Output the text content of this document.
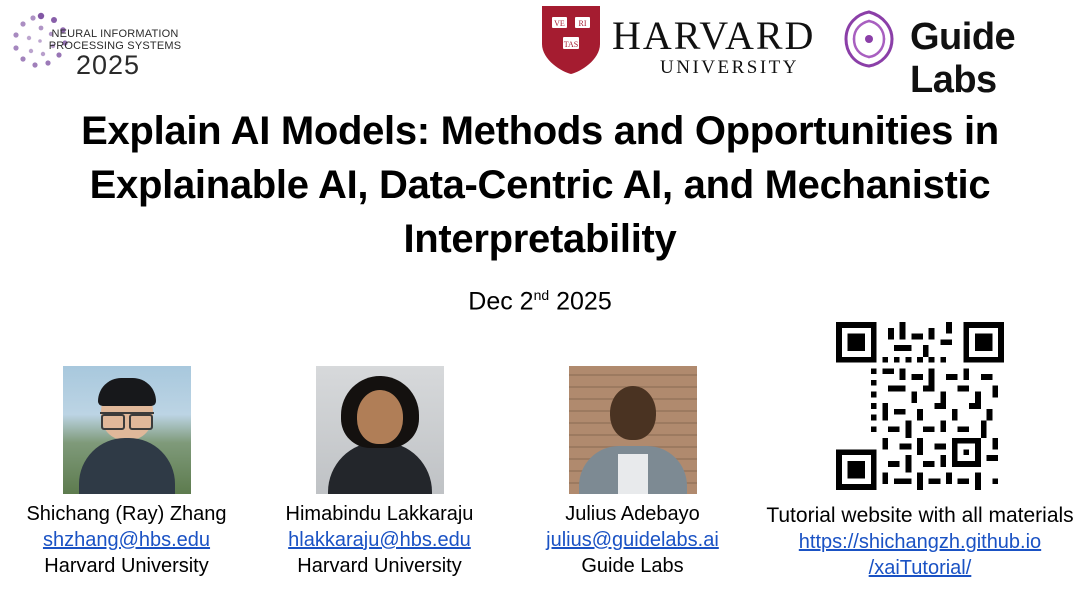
NEURAL INFORMATION
PROCESSING SYSTEMS
2025
VE RI
TAS HARVARD
UNIVERSITY
Guide Labs
Explain AI Models: Methods and Opportunities in Explainable AI, Data-Centric AI, and Mechanistic Interpretability
Dec 2nd 2025
Shichang (Ray) Zhang
shzhang@hbs.edu
Harvard University
Himabindu Lakkaraju
hlakkaraju@hbs.edu
Harvard University
Julius Adebayo
julius@guidelabs.ai
Guide Labs
Tutorial website with all materials
https://shichangzh.github.io
/xaiTutorial/
